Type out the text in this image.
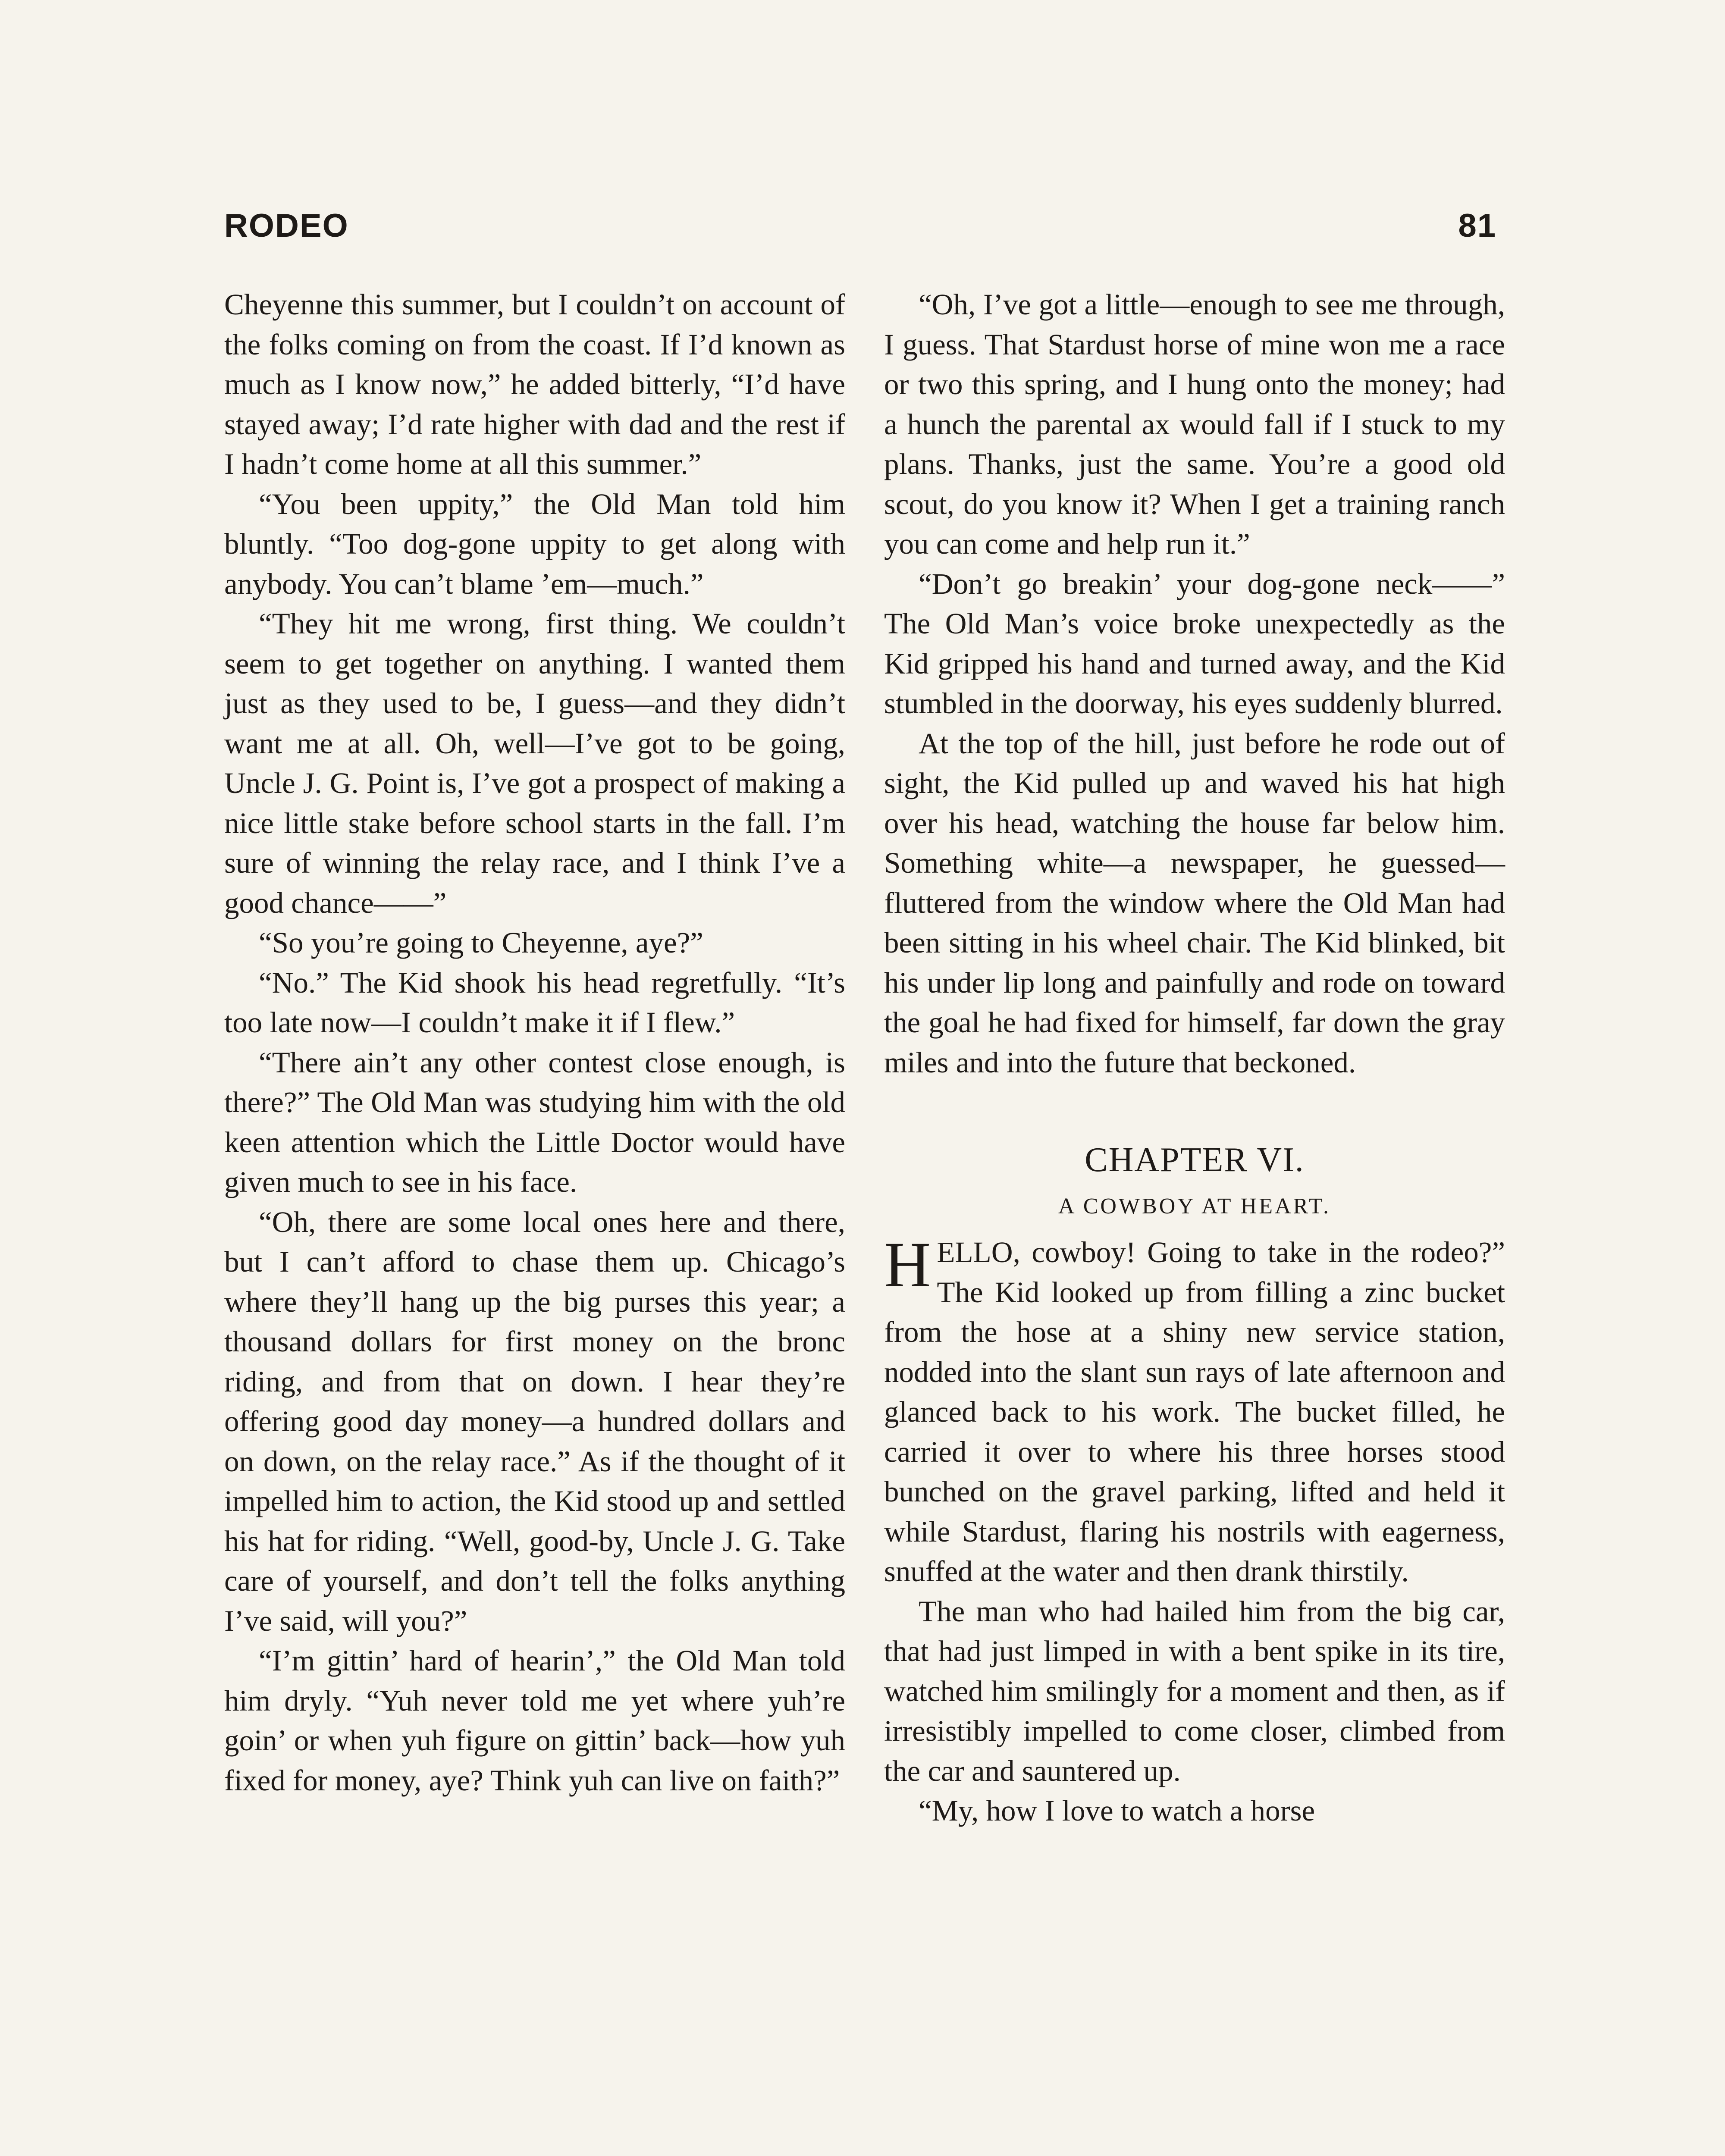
RODEO	81

Cheyenne this summer, but I couldn’t on account of the folks coming on from the coast. If I’d known as much as I know now,” he added bitterly, “I’d have stayed away; I’d rate higher with dad and the rest if I hadn’t come home at all this summer.”

“You been uppity,” the Old Man told him bluntly. “Too dog-gone uppity to get along with anybody. You can’t blame ’em—much.”

“They hit me wrong, first thing. We couldn’t seem to get together on anything. I wanted them just as they used to be, I guess—and they didn’t want me at all. Oh, well—I’ve got to be going, Uncle J. G. Point is, I’ve got a prospect of making a nice little stake before school starts in the fall. I’m sure of winning the relay race, and I think I’ve a good chance——”

“So you’re going to Cheyenne, aye?”

“No.” The Kid shook his head regretfully. “It’s too late now—I couldn’t make it if I flew.”

“There ain’t any other contest close enough, is there?” The Old Man was studying him with the old keen attention which the Little Doctor would have given much to see in his face.

“Oh, there are some local ones here and there, but I can’t afford to chase them up. Chicago’s where they’ll hang up the big purses this year; a thousand dollars for first money on the bronc riding, and from that on down. I hear they’re offering good day money—a hundred dollars and on down, on the relay race.” As if the thought of it impelled him to action, the Kid stood up and settled his hat for riding. “Well, good-by, Uncle J. G. Take care of yourself, and don’t tell the folks anything I’ve said, will you?”

“I’m gittin’ hard of hearin’,” the Old Man told him dryly. “Yuh never told me yet where yuh’re goin’ or when yuh figure on gittin’ back—how yuh fixed for money, aye? Think yuh can live on faith?”

“Oh, I’ve got a little—enough to see me through, I guess. That Stardust horse of mine won me a race or two this spring, and I hung onto the money; had a hunch the parental ax would fall if I stuck to my plans. Thanks, just the same. You’re a good old scout, do you know it? When I get a training ranch you can come and help run it.”

“Don’t go breakin’ your dog-gone neck——” The Old Man’s voice broke unexpectedly as the Kid gripped his hand and turned away, and the Kid stumbled in the doorway, his eyes suddenly blurred.

At the top of the hill, just before he rode out of sight, the Kid pulled up and waved his hat high over his head, watching the house far below him. Something white—a newspaper, he guessed—fluttered from the window where the Old Man had been sitting in his wheel chair. The Kid blinked, bit his under lip long and painfully and rode on toward the goal he had fixed for himself, far down the gray miles and into the future that beckoned.

CHAPTER VI.
A COWBOY AT HEART.

HELLO, cowboy! Going to take in the rodeo?” The Kid looked up from filling a zinc bucket from the hose at a shiny new service station, nodded into the slant sun rays of late afternoon and glanced back to his work. The bucket filled, he carried it over to where his three horses stood bunched on the gravel parking, lifted and held it while Stardust, flaring his nostrils with eagerness, snuffed at the water and then drank thirstily.

The man who had hailed him from the big car, that had just limped in with a bent spike in its tire, watched him smilingly for a moment and then, as if irresistibly impelled to come closer, climbed from the car and sauntered up.

“My, how I love to watch a horse
